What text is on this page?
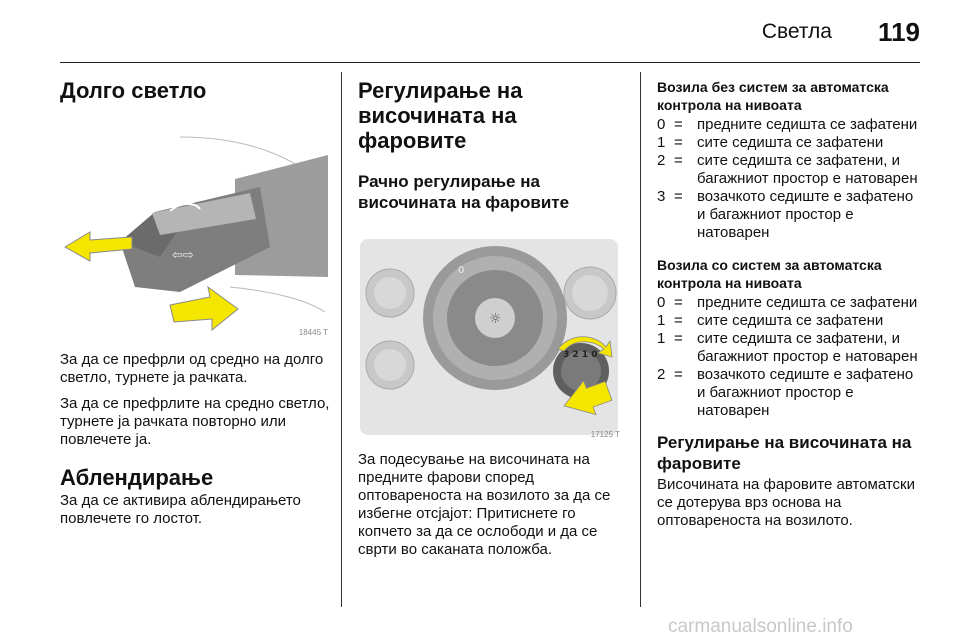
Светла 119
Долго светло
⇦⇨
18445 T

За да се префрли од средно на долго светло, турнете ја рачката.

За да се префрлите на средно светло, турнете ја рачката повторно или повлечете ја.

Аблендирање

За да се активира аблендирањето повлечете го лостот.

Регулирање на височината на фаровите
Рачно регулирање на височината на фаровите
☼
0
3 2 1 0
17125 T

За подесување на височината на предните фарови според оптовареноста на возилото за да се избегне отсјајот: Притиснете го копчето за да се ослободи и да се сврти во саканата положба.

Возила без систем за автоматска контрола на нивоата
0 = предните седишта се зафатени
1 = сите седишта се зафатени
2 = сите седишта се зафатени, и багажниот простор е натоварен
3 = возачкото седиште е зафатено и багажниот простор е натоварен
Возила со систем за автоматска контрола на нивоата
0 = предните седишта се зафатени
1 = сите седишта се зафатени
1 = сите седишта се зафатени, и багажниот простор е натоварен
2 = возачкото седиште е зафатено и багажниот простор е натоварен
Регулирање на височината на фаровите

Височината на фаровите автоматски се дотерува врз основа на оптовареноста на возилото.

carmanualsonline.info
